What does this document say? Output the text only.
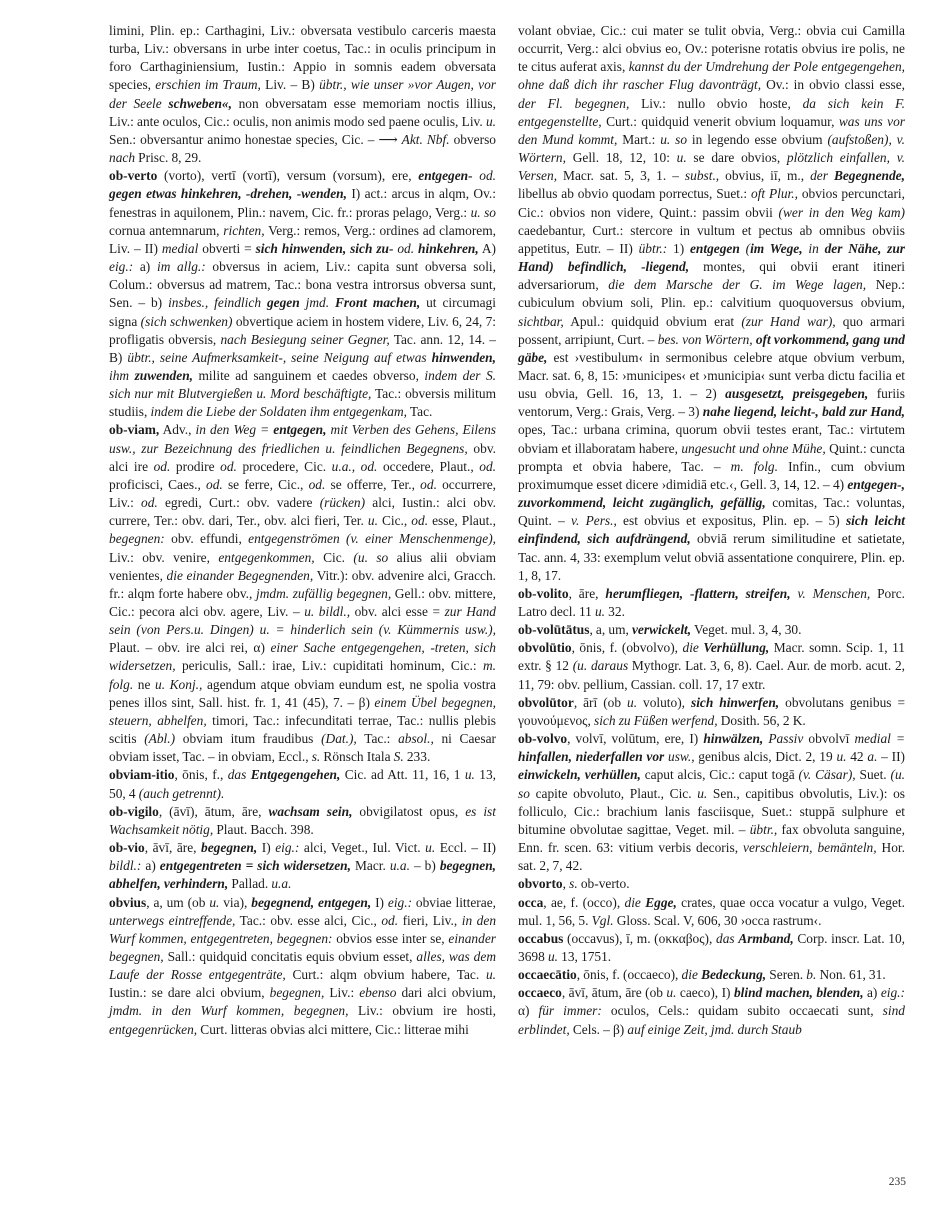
limini, Plin. ep.: Carthagini, Liv.: obversata vestibulo carceris maesta turba, Liv.: obversans in urbe inter coetus, Tac.: in oculis principum in foro Carthaginiensium, Iustin.: Appio in somnis eadem obversata species, erschien im Traum, Liv. – B) übtr., wie unser »vor Augen, vor der Seele schweben«, non obversatam esse memoriam noctis illius, Liv.: ante oculos, Cic.: oculis, non animis modo sed paene oculis, Liv. u. Sen.: obversantur animo honestae species, Cic. – ⟶ Akt. Nbf. obverso nach Prisc. 8, 29.

ob-verto (vorto), vertī (vortī), versum (vorsum), ere, entgegen- od. gegen etwas hinkehren, -drehen, -wenden, I) act.: arcus in alqm, Ov.: fenestras in aquilonem, Plin.: navem, Cic. fr.: proras pelago, Verg.: u. so cornua antemnarum, richten, Verg.: remos, Verg.: ordines ad clamorem, Liv. – II) medial obverti = sich hinwenden, sich zu- od. hinkehren, A) eig.: a) im allg.: obversus in aciem, Liv.: capita sunt obversa soli, Colum.: obversus ad matrem, Tac.: bona vestra introrsus obversa sunt, Sen. – b) insbes., feindlich gegen jmd. Front machen, ut circumagi signa (sich schwenken) obvertique aciem in hostem videre, Liv. 6, 24, 7: profligatis obversis, nach Besiegung seiner Gegner, Tac. ann. 12, 14. – B) übtr., seine Aufmerksamkeit-, seine Neigung auf etwas hinwenden, ihm zuwenden, milite ad sanguinem et caedes obverso, indem der S. sich nur mit Blutvergießen u. Mord beschäftigte, Tac.: obversis militum studiis, indem die Liebe der Soldaten ihm entgegenkam, Tac.

ob-viam, Adv., in den Weg = entgegen, mit Verben des Gehens, Eilens usw., zur Bezeichnung des friedlichen u. feindlichen Begegnens, obv. alci ire od. prodire od. procedere, Cic. u.a., od. occedere, Plaut., od. proficisci, Caes., od. se ferre, Cic., od. se offerre, Ter., od. occurrere, Liv.: od. egredi, Curt.: obv. vadere (rücken) alci, Iustin.: alci obv. currere, Ter.: obv. dari, Ter., obv. alci fieri, Ter. u. Cic., od. esse, Plaut., begegnen: obv. effundi, entgegenströmen (v. einer Menschenmenge), Liv.: obv. venire, entgegenkommen, Cic. (u. so alius alii obviam venientes, die einander Begegnenden, Vitr.): obv. advenire alci, Gracch. fr.: alqm forte habere obv., jmdm. zufällig begegnen, Gell.: obv. mittere, Cic.: pecora alci obv. agere, Liv. – u. bildl., obv. alci esse = zur Hand sein (von Pers.u. Dingen) u. = hinderlich sein (v. Kümmernis usw.), Plaut. – obv. ire alci rei, α) einer Sache entgegengehen, -treten, sich widersetzen, periculis, Sall.: irae, Liv.: cupiditati hominum, Cic.: m. folg. ne u. Konj., agendum atque obviam eundum est, ne spolia vostra penes illos sint, Sall. hist. fr. 1, 41 (45), 7. – β) einem Übel begegnen, steuern, abhelfen, timori, Tac.: infecunditati terrae, Tac.: nullis plebis scitis (Abl.) obviam itum fraudibus (Dat.), Tac.: absol., ni Caesar obviam isset, Tac. – in obviam, Eccl., s. Rönsch Itala S. 233.

obviam-itio, ōnis, f., das Entgegengehen, Cic. ad Att. 11, 16, 1 u. 13, 50, 4 (auch getrennt).

ob-vigilo, (āvī), ātum, āre, wachsam sein, obvigilatost opus, es ist Wachsamkeit nötig, Plaut. Bacch. 398.

ob-vio, āvī, āre, begegnen, I) eig.: alci, Veget., Iul. Vict. u. Eccl. – II) bildl.: a) entgegentreten = sich widersetzen, Macr. u.a. – b) begegnen, abhelfen, verhindern, Pallad. u.a.

obvius, a, um (ob u. via), begegnend, entgegen, I) eig.: obviae litterae, unterwegs eintreffende, Tac.: obv. esse alci, Cic., od. fieri, Liv., in den Wurf kommen, entgegentreten, begegnen: obvios esse inter se, einander begegnen, Sall.: quidquid concitatis equis obvium esset, alles, was dem Laufe der Rosse entgegenträte, Curt.: alqm obvium habere, Tac. u. Iustin.: se dare alci obvium, begegnen, Liv.: ebenso dari alci obvium, jmdm. in den Wurf kommen, begegnen, Liv.: obvium ire hosti, entgegenrücken, Curt. litteras obvias alci mittere, Cic.: litterae mihi

volant obviae, Cic.: cui mater se tulit obvia, Verg.: obvia cui Camilla occurrit, Verg.: alci obvius eo, Ov.: poterisne rotatis obvius ire polis, ne te citus auferat axis, kannst du der Umdrehung der Pole entgegengehen, ohne daß dich ihr rascher Flug davonträgt, Ov.: in obvio classi esse, der Fl. begegnen, Liv.: nullo obvio hoste, da sich kein F. entgegenstellte, Curt.: quidquid venerit obvium loquamur, was uns vor den Mund kommt, Mart.: u. so in legendo esse obvium (aufstoßen), v. Wörtern, Gell. 18, 12, 10: u. se dare obvios, plötzlich einfallen, v. Versen, Macr. sat. 5, 3, 1. – subst., obvius, iī, m., der Begegnende, libellus ab obvio quodam porrectus, Suet.: oft Plur., obvios percunctari, Cic.: obvios non videre, Quint.: passim obvii (wer in den Weg kam) caedebantur, Curt.: stercore in vultum et pectus ab omnibus obviis appetitus, Eutr. – II) übtr.: 1) entgegen (im Wege, in der Nähe, zur Hand) befindlich, -liegend, montes, qui obvii erant itineri adversariorum, die dem Marsche der G. im Wege lagen, Nep.: cubiculum obvium soli, Plin. ep.: calvitium quoquoversus obvium, sichtbar, Apul.: quidquid obvium erat (zur Hand war), quo armari possent, arripiunt, Curt. – bes. von Wörtern, oft vorkommend, gang und gäbe, est ›vestibulum‹ in sermonibus celebre atque obvium verbum, Macr. sat. 6, 8, 15: ›municipes‹ et ›municipia‹ sunt verba dictu facilia et usu obvia, Gell. 16, 13, 1. – 2) ausgesetzt, preisgegeben, furiis ventorum, Verg.: Grais, Verg. – 3) nahe liegend, leicht-, bald zur Hand, opes, Tac.: urbana crimina, quorum obvii testes erant, Tac.: virtutem obviam et illaboratam habere, ungesucht und ohne Mühe, Quint.: cuncta prompta et obvia habere, Tac. – m. folg. Infin., cum obvium proximumque esset dicere ›dimidiā etc.‹, Gell. 3, 14, 12. – 4) entgegen-, zuvorkommend, leicht zugänglich, gefällig, comitas, Tac.: voluntas, Quint. – v. Pers., est obvius et expositus, Plin. ep. – 5) sich leicht einfindend, sich aufdrängend, obviā rerum similitudine et satietate, Tac. ann. 4, 33: exemplum velut obviā assentatione conquirere, Plin. ep. 1, 8, 17.

ob-volito, āre, herumfliegen, -flattern, streifen, v. Menschen, Porc. Latro decl. 11 u. 32.

ob-volūtātus, a, um, verwickelt, Veget. mul. 3, 4, 30.

obvolūtio, ōnis, f. (obvolvo), die Verhüllung, Macr. somn. Scip. 1, 11 extr. § 12 (u. daraus Mythogr. Lat. 3, 6, 8). Cael. Aur. de morb. acut. 2, 11, 79: obv. pellium, Cassian. coll. 17, 17 extr.

obvolūtor, ārī (ob u. voluto), sich hinwerfen, obvolutans genibus = γουνούμενος, sich zu Füßen werfend, Dosith. 56, 2 K.

ob-volvo, volvī, volūtum, ere, I) hinwälzen, Passiv obvolvī medial = hinfallen, niederfallen vor usw., genibus alcis, Dict. 2, 19 u. 42 a. – II) einwickeln, verhüllen, caput alcis, Cic.: caput togā (v. Cäsar), Suet. (u. so capite obvoluto, Plaut., Cic. u. Sen., capitibus obvolutis, Liv.): os folliculo, Cic.: brachium lanis fasciisque, Suet.: stuppā sulphure et bitumine obvolutae sagittae, Veget. mil. – übtr., fax obvoluta sanguine, Enn. fr. scen. 63: vitium verbis decoris, verschleiern, bemänteln, Hor. sat. 2, 7, 42.

obvorto, s. ob-verto.

occa, ae, f. (occo), die Egge, crates, quae occa vocatur a vulgo, Veget. mul. 1, 56, 5. Vgl. Gloss. Scal. V, 606, 30 ›occa rastrum‹.

occabus (occavus), ī, m. (οκκαβος), das Armband, Corp. inscr. Lat. 10, 3698 u. 13, 1751.

occaecātio, ōnis, f. (occaeco), die Bedeckung, Seren. b. Non. 61, 31.

occaeco, āvī, ātum, āre (ob u. caeco), I) blind machen, blenden, a) eig.: α) für immer: oculos, Cels.: quidam subito occaecati sunt, sind erblindet, Cels. – β) auf einige Zeit, jmd. durch Staub

235
